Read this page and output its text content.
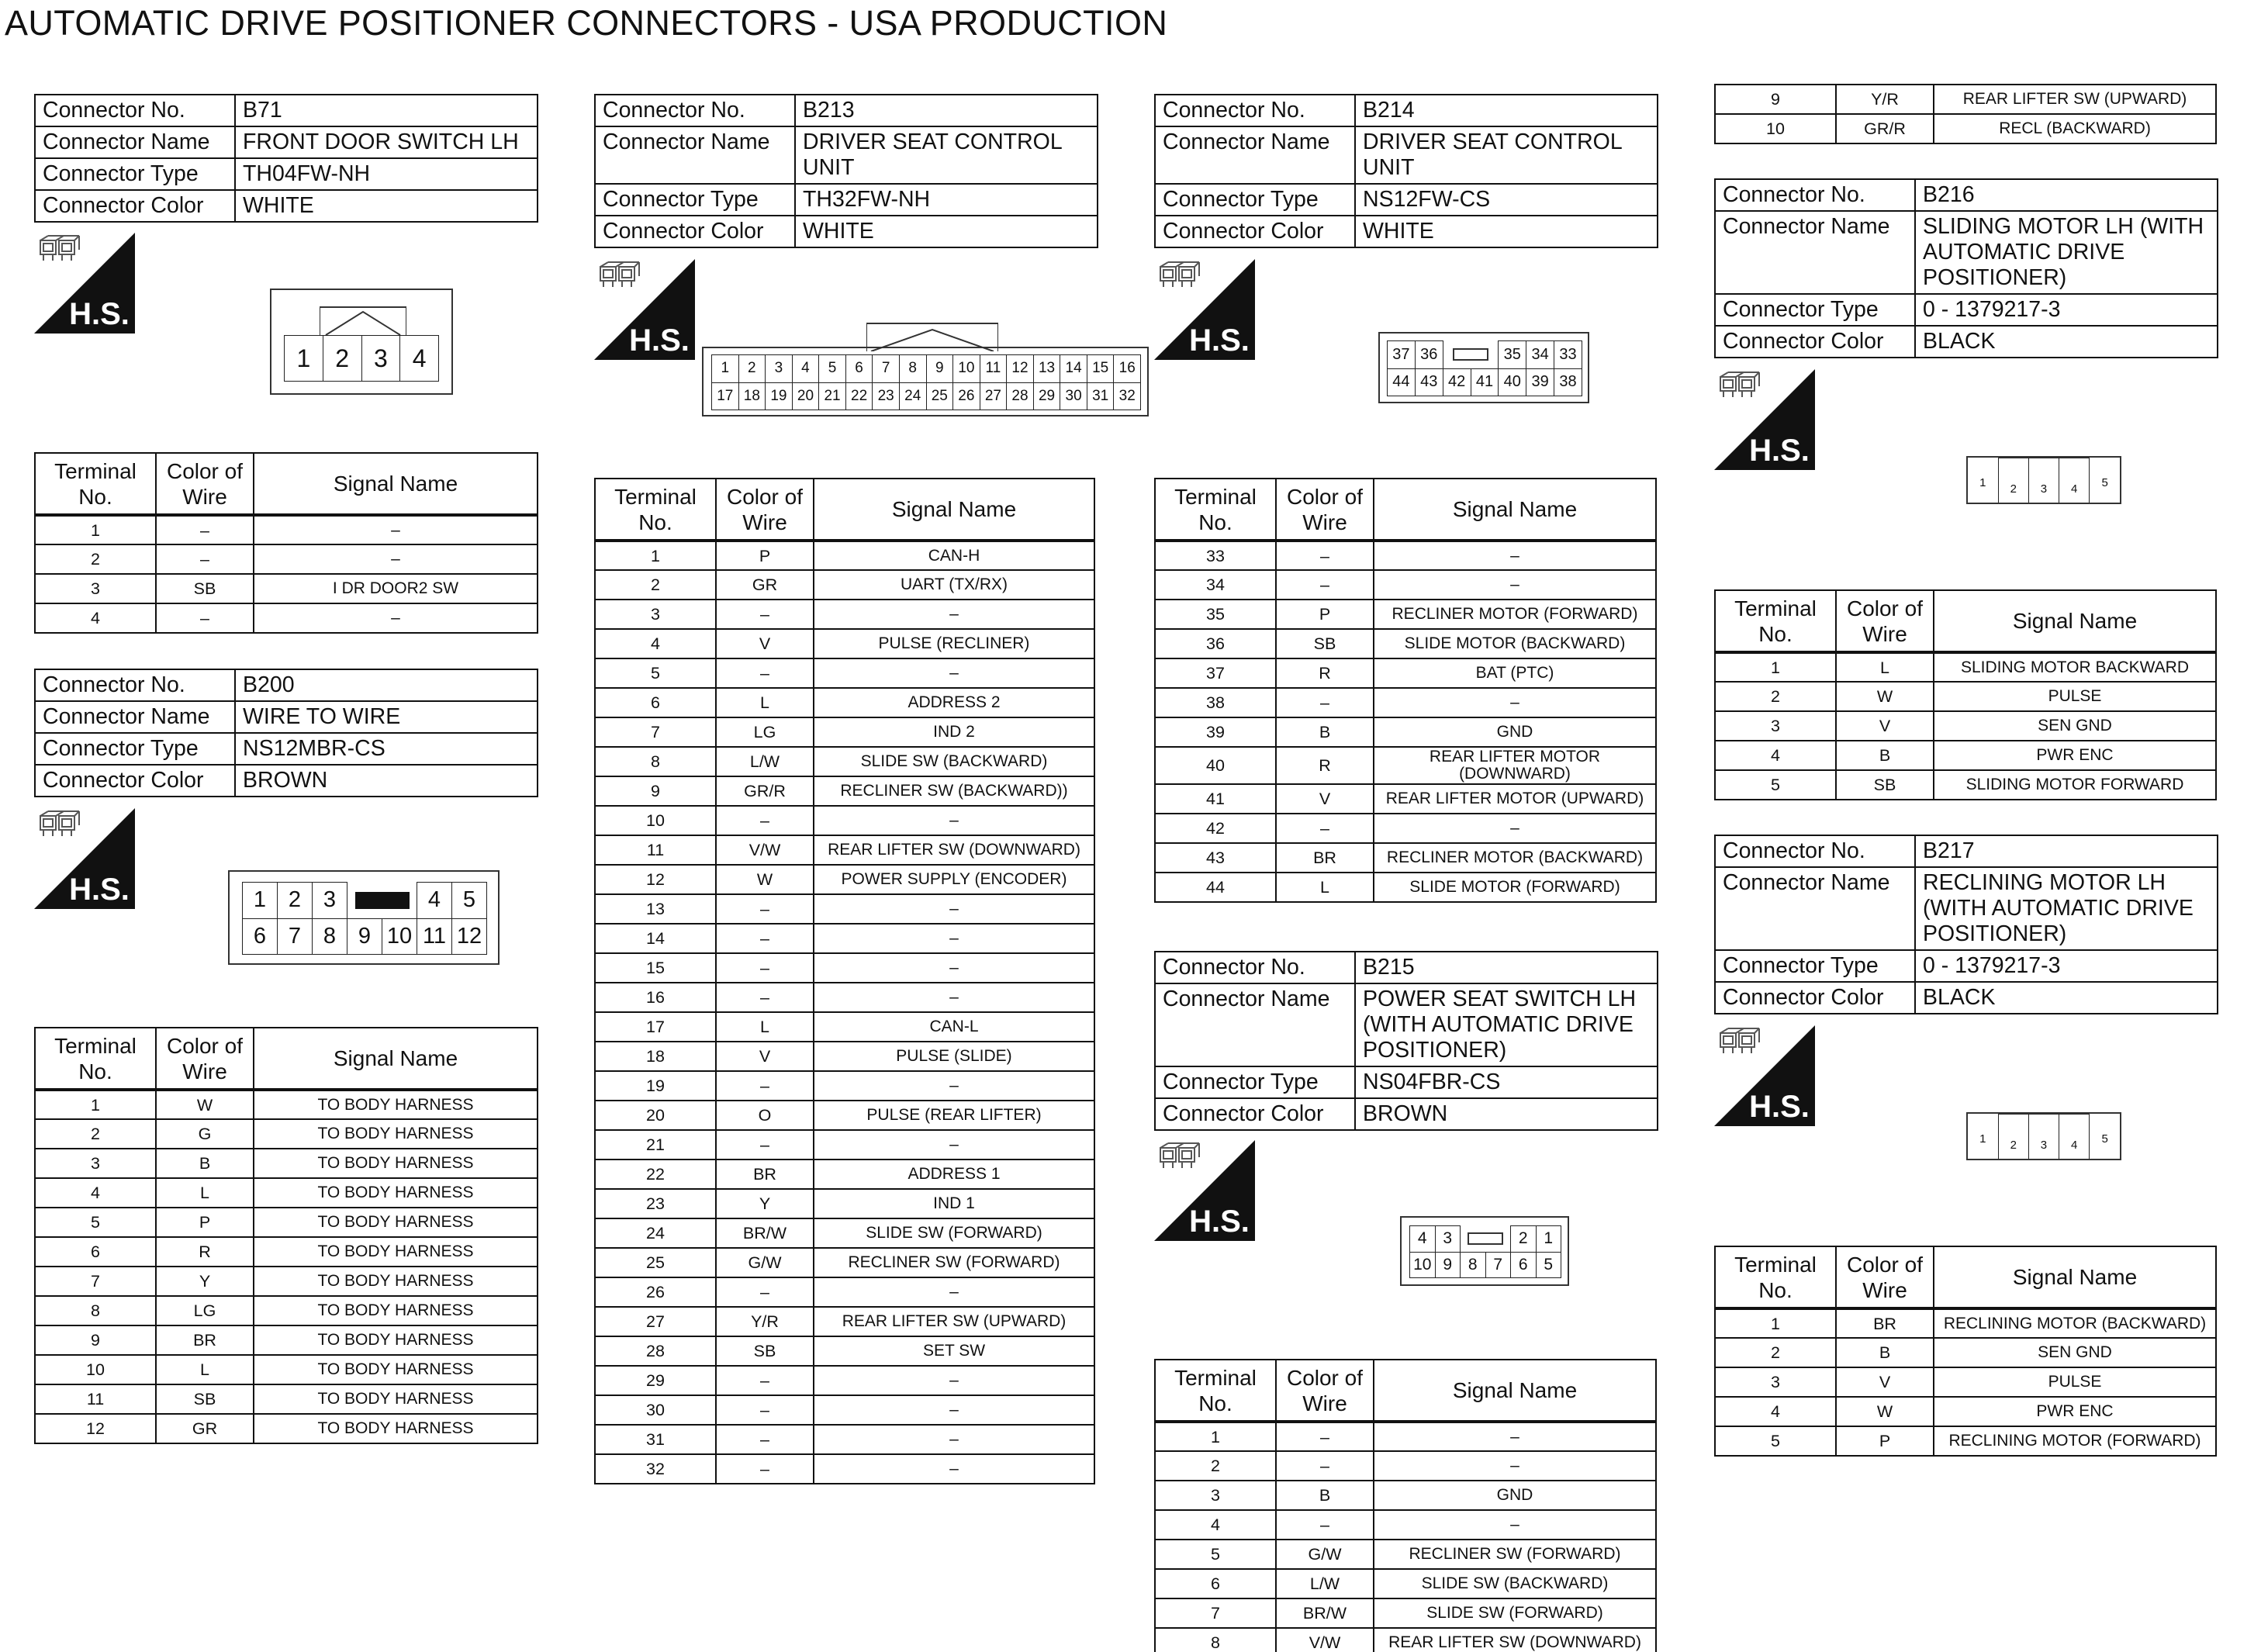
AUTOMATIC DRIVE POSITIONER CONNECTORS - USA PRODUCTION
Connector No.	B71
Connector Name	FRONT DOOR SWITCH LH
Connector Type	TH04FW-NH
Connector Color	WHITE
H.S.
1	2	3	4
Terminal No.	Color of Wire	Signal Name
1	–	–
2	–	–
3	SB	I DR DOOR2 SW
4	–	–
Connector No.	B200
Connector Name	WIRE TO WIRE
Connector Type	NS12MBR-CS
Connector Color	BROWN
H.S.	1	2	3			4	5
6	7	8	9	10	11	12
Terminal No.	Color of Wire	Signal Name
1	W	TO BODY HARNESS
2	G	TO BODY HARNESS
3	B	TO BODY HARNESS
4	L	TO BODY HARNESS
5	P	TO BODY HARNESS
6	R	TO BODY HARNESS
7	Y	TO BODY HARNESS
8	LG	TO BODY HARNESS
9	BR	TO BODY HARNESS
10	L	TO BODY HARNESS
11	SB	TO BODY HARNESS
12	GR	TO BODY HARNESS
Connector No.	B213
Connector Name	DRIVER SEAT CONTROL UNIT
Connector Type	TH32FW-NH
Connector Color	WHITE
H.S.
1	2	3	4	5	6	7	8	9	10	11	12	13	14	15	16
17	18	19	20	21	22	23	24	25	26	27	28	29	30	31	32
Terminal No.	Color of Wire	Signal Name
1	P	CAN-H
2	GR	UART (TX/RX)
3	–	–
4	V	PULSE (RECLINER)
5	–	–
6	L	ADDRESS 2
7	LG	IND 2
8	L/W	SLIDE SW (BACKWARD)
9	GR/R	RECLINER SW (BACKWARD))
10	–	–
11	V/W	REAR LIFTER SW (DOWNWARD)
12	W	POWER SUPPLY (ENCODER)
13	–	–
14	–	–
15	–	–
16	–	–
17	L	CAN-L
18	V	PULSE (SLIDE)
19	–	–
20	O	PULSE (REAR LIFTER)
21	–	–
22	BR	ADDRESS 1
23	Y	IND 1
24	BR/W	SLIDE SW (FORWARD)
25	G/W	RECLINER SW (FORWARD)
26	–	–
27	Y/R	REAR LIFTER SW (UPWARD)
28	SB	SET SW
29	–	–
30	–	–
31	–	–
32	–	–
Connector No.	B214
Connector Name	DRIVER SEAT CONTROL UNIT
Connector Type	NS12FW-CS
Connector Color	WHITE
H.S.	37	36			35	34	33
44	43	42	41	40	39	38
Terminal No.	Color of Wire	Signal Name
33	–	–
34	–	–
35	P	RECLINER MOTOR (FORWARD)
36	SB	SLIDE MOTOR (BACKWARD)
37	R	BAT (PTC)
38	–	–
39	B	GND
40	R	REAR LIFTER MOTOR (DOWNWARD)
41	V	REAR LIFTER MOTOR (UPWARD)
42	–	–
43	BR	RECLINER MOTOR (BACKWARD)
44	L	SLIDE MOTOR (FORWARD)
Connector No.	B215
Connector Name	POWER SEAT SWITCH LH (WITH AUTOMATIC DRIVE POSITIONER)
Connector Type	NS04FBR-CS
Connector Color	BROWN
H.S.	4	3			2	1
10	9	8	7	6	5
Terminal No.	Color of Wire	Signal Name
1	–	–
2	–	–
3	B	GND
4	–	–
5	G/W	RECLINER SW (FORWARD)
6	L/W	SLIDE SW (BACKWARD)
7	BR/W	SLIDE SW (FORWARD)
8	V/W	REAR LIFTER SW (DOWNWARD)
9	Y/R	REAR LIFTER SW (UPWARD)
10	GR/R	RECL (BACKWARD)
Connector No.	B216
Connector Name	SLIDING MOTOR LH (WITH AUTOMATIC DRIVE POSITIONER)
Connector Type	0 - 1379217-3
Connector Color	BLACK
H.S.
1	2	3	4	5
Terminal No.	Color of Wire	Signal Name
1	L	SLIDING MOTOR BACKWARD
2	W	PULSE
3	V	SEN GND
4	B	PWR ENC
5	SB	SLIDING MOTOR FORWARD
Connector No.	B217
Connector Name	RECLINING MOTOR LH (WITH AUTOMATIC DRIVE POSITIONER)
Connector Type	0 - 1379217-3
Connector Color	BLACK
H.S.
1	2	3	4	5
Terminal No.	Color of Wire	Signal Name
1	BR	RECLINING MOTOR (BACKWARD)
2	B	SEN GND
3	V	PULSE
4	W	PWR ENC
5	P	RECLINING MOTOR (FORWARD)
